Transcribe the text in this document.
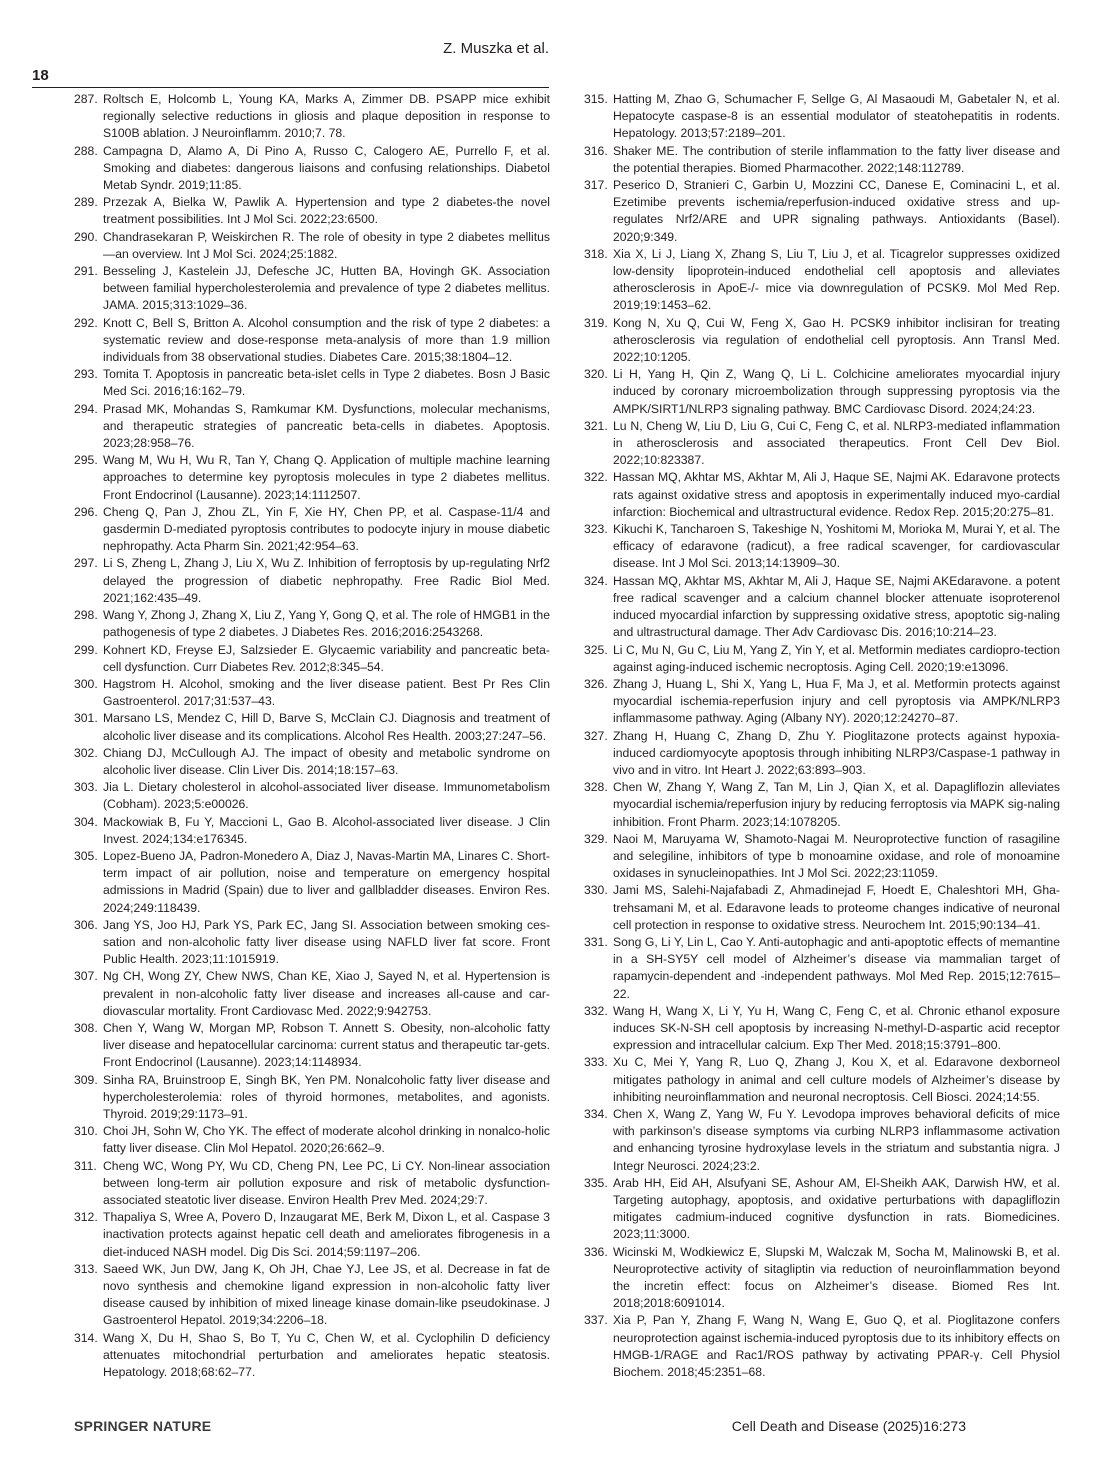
Z. Muszka et al.
18
287. Roltsch E, Holcomb L, Young KA, Marks A, Zimmer DB. PSAPP mice exhibit regionally selective reductions in gliosis and plaque deposition in response to S100B ablation. J Neuroinflamm. 2010;7. 78.
288. Campagna D, Alamo A, Di Pino A, Russo C, Calogero AE, Purrello F, et al. Smoking and diabetes: dangerous liaisons and confusing relationships. Diabetol Metab Syndr. 2019;11:85.
289. Przezak A, Bielka W, Pawlik A. Hypertension and type 2 diabetes-the novel treatment possibilities. Int J Mol Sci. 2022;23:6500.
290. Chandrasekaran P, Weiskirchen R. The role of obesity in type 2 diabetes mellitus—an overview. Int J Mol Sci. 2024;25:1882.
291. Besseling J, Kastelein JJ, Defesche JC, Hutten BA, Hovingh GK. Association between familial hypercholesterolemia and prevalence of type 2 diabetes mellitus. JAMA. 2015;313:1029–36.
292. Knott C, Bell S, Britton A. Alcohol consumption and the risk of type 2 diabetes: a systematic review and dose-response meta-analysis of more than 1.9 million individuals from 38 observational studies. Diabetes Care. 2015;38:1804–12.
293. Tomita T. Apoptosis in pancreatic beta-islet cells in Type 2 diabetes. Bosn J Basic Med Sci. 2016;16:162–79.
294. Prasad MK, Mohandas S, Ramkumar KM. Dysfunctions, molecular mechanisms, and therapeutic strategies of pancreatic beta-cells in diabetes. Apoptosis. 2023;28:958–76.
295. Wang M, Wu H, Wu R, Tan Y, Chang Q. Application of multiple machine learning approaches to determine key pyroptosis molecules in type 2 diabetes mellitus. Front Endocrinol (Lausanne). 2023;14:1112507.
296. Cheng Q, Pan J, Zhou ZL, Yin F, Xie HY, Chen PP, et al. Caspase-11/4 and gasdermin D-mediated pyroptosis contributes to podocyte injury in mouse diabetic nephropathy. Acta Pharm Sin. 2021;42:954–63.
297. Li S, Zheng L, Zhang J, Liu X, Wu Z. Inhibition of ferroptosis by up-regulating Nrf2 delayed the progression of diabetic nephropathy. Free Radic Biol Med. 2021;162:435–49.
298. Wang Y, Zhong J, Zhang X, Liu Z, Yang Y, Gong Q, et al. The role of HMGB1 in the pathogenesis of type 2 diabetes. J Diabetes Res. 2016;2016:2543268.
299. Kohnert KD, Freyse EJ, Salzsieder E. Glycaemic variability and pancreatic beta-cell dysfunction. Curr Diabetes Rev. 2012;8:345–54.
300. Hagstrom H. Alcohol, smoking and the liver disease patient. Best Pr Res Clin Gastroenterol. 2017;31:537–43.
301. Marsano LS, Mendez C, Hill D, Barve S, McClain CJ. Diagnosis and treatment of alcoholic liver disease and its complications. Alcohol Res Health. 2003;27:247–56.
302. Chiang DJ, McCullough AJ. The impact of obesity and metabolic syndrome on alcoholic liver disease. Clin Liver Dis. 2014;18:157–63.
303. Jia L. Dietary cholesterol in alcohol-associated liver disease. Immunometabolism (Cobham). 2023;5:e00026.
304. Mackowiak B, Fu Y, Maccioni L, Gao B. Alcohol-associated liver disease. J Clin Invest. 2024;134:e176345.
305. Lopez-Bueno JA, Padron-Monedero A, Diaz J, Navas-Martin MA, Linares C. Short-term impact of air pollution, noise and temperature on emergency hospital admissions in Madrid (Spain) due to liver and gallbladder diseases. Environ Res. 2024;249:118439.
306. Jang YS, Joo HJ, Park YS, Park EC, Jang SI. Association between smoking ces-sation and non-alcoholic fatty liver disease using NAFLD liver fat score. Front Public Health. 2023;11:1015919.
307. Ng CH, Wong ZY, Chew NWS, Chan KE, Xiao J, Sayed N, et al. Hypertension is prevalent in non-alcoholic fatty liver disease and increases all-cause and car-diovascular mortality. Front Cardiovasc Med. 2022;9:942753.
308. Chen Y, Wang W, Morgan MP, Robson T. Annett S. Obesity, non-alcoholic fatty liver disease and hepatocellular carcinoma: current status and therapeutic tar-gets. Front Endocrinol (Lausanne). 2023;14:1148934.
309. Sinha RA, Bruinstroop E, Singh BK, Yen PM. Nonalcoholic fatty liver disease and hypercholesterolemia: roles of thyroid hormones, metabolites, and agonists. Thyroid. 2019;29:1173–91.
310. Choi JH, Sohn W, Cho YK. The effect of moderate alcohol drinking in nonalco-holic fatty liver disease. Clin Mol Hepatol. 2020;26:662–9.
311. Cheng WC, Wong PY, Wu CD, Cheng PN, Lee PC, Li CY. Non-linear association between long-term air pollution exposure and risk of metabolic dysfunction-associated steatotic liver disease. Environ Health Prev Med. 2024;29:7.
312. Thapaliya S, Wree A, Povero D, Inzaugarat ME, Berk M, Dixon L, et al. Caspase 3 inactivation protects against hepatic cell death and ameliorates fibrogenesis in a diet-induced NASH model. Dig Dis Sci. 2014;59:1197–206.
313. Saeed WK, Jun DW, Jang K, Oh JH, Chae YJ, Lee JS, et al. Decrease in fat de novo synthesis and chemokine ligand expression in non-alcoholic fatty liver disease caused by inhibition of mixed lineage kinase domain-like pseudokinase. J Gastroenterol Hepatol. 2019;34:2206–18.
314. Wang X, Du H, Shao S, Bo T, Yu C, Chen W, et al. Cyclophilin D deficiency attenuates mitochondrial perturbation and ameliorates hepatic steatosis. Hepatology. 2018;68:62–77.
315. Hatting M, Zhao G, Schumacher F, Sellge G, Al Masaoudi M, Gabetaler N, et al. Hepatocyte caspase-8 is an essential modulator of steatohepatitis in rodents. Hepatology. 2013;57:2189–201.
316. Shaker ME. The contribution of sterile inflammation to the fatty liver disease and the potential therapies. Biomed Pharmacother. 2022;148:112789.
317. Peserico D, Stranieri C, Garbin U, Mozzini CC, Danese E, Cominacini L, et al. Ezetimibe prevents ischemia/reperfusion-induced oxidative stress and up-regulates Nrf2/ARE and UPR signaling pathways. Antioxidants (Basel). 2020;9:349.
318. Xia X, Li J, Liang X, Zhang S, Liu T, Liu J, et al. Ticagrelor suppresses oxidized low-density lipoprotein-induced endothelial cell apoptosis and alleviates atherosclerosis in ApoE-/- mice via downregulation of PCSK9. Mol Med Rep. 2019;19:1453–62.
319. Kong N, Xu Q, Cui W, Feng X, Gao H. PCSK9 inhibitor inclisiran for treating atherosclerosis via regulation of endothelial cell pyroptosis. Ann Transl Med. 2022;10:1205.
320. Li H, Yang H, Qin Z, Wang Q, Li L. Colchicine ameliorates myocardial injury induced by coronary microembolization through suppressing pyroptosis via the AMPK/SIRT1/NLRP3 signaling pathway. BMC Cardiovasc Disord. 2024;24:23.
321. Lu N, Cheng W, Liu D, Liu G, Cui C, Feng C, et al. NLRP3-mediated inflammation in atherosclerosis and associated therapeutics. Front Cell Dev Biol. 2022;10:823387.
322. Hassan MQ, Akhtar MS, Akhtar M, Ali J, Haque SE, Najmi AK. Edaravone protects rats against oxidative stress and apoptosis in experimentally induced myo-cardial infarction: Biochemical and ultrastructural evidence. Redox Rep. 2015;20:275–81.
323. Kikuchi K, Tancharoen S, Takeshige N, Yoshitomi M, Morioka M, Murai Y, et al. The efficacy of edaravone (radicut), a free radical scavenger, for cardiovascular disease. Int J Mol Sci. 2013;14:13909–30.
324. Hassan MQ, Akhtar MS, Akhtar M, Ali J, Haque SE, Najmi AKEdaravone. a potent free radical scavenger and a calcium channel blocker attenuate isoproterenol induced myocardial infarction by suppressing oxidative stress, apoptotic sig-naling and ultrastructural damage. Ther Adv Cardiovasc Dis. 2016;10:214–23.
325. Li C, Mu N, Gu C, Liu M, Yang Z, Yin Y, et al. Metformin mediates cardiopro-tection against aging-induced ischemic necroptosis. Aging Cell. 2020;19:e13096.
326. Zhang J, Huang L, Shi X, Yang L, Hua F, Ma J, et al. Metformin protects against myocardial ischemia-reperfusion injury and cell pyroptosis via AMPK/NLRP3 inflammasome pathway. Aging (Albany NY). 2020;12:24270–87.
327. Zhang H, Huang C, Zhang D, Zhu Y. Pioglitazone protects against hypoxia-induced cardiomyocyte apoptosis through inhibiting NLRP3/Caspase-1 pathway in vivo and in vitro. Int Heart J. 2022;63:893–903.
328. Chen W, Zhang Y, Wang Z, Tan M, Lin J, Qian X, et al. Dapagliflozin alleviates myocardial ischemia/reperfusion injury by reducing ferroptosis via MAPK sig-naling inhibition. Front Pharm. 2023;14:1078205.
329. Naoi M, Maruyama W, Shamoto-Nagai M. Neuroprotective function of rasagiline and selegiline, inhibitors of type b monoamine oxidase, and role of monoamine oxidases in synucleinopathies. Int J Mol Sci. 2022;23:11059.
330. Jami MS, Salehi-Najafabadi Z, Ahmadinejad F, Hoedt E, Chaleshtori MH, Gha-trehsamani M, et al. Edaravone leads to proteome changes indicative of neuronal cell protection in response to oxidative stress. Neurochem Int. 2015;90:134–41.
331. Song G, Li Y, Lin L, Cao Y. Anti-autophagic and anti-apoptotic effects of memantine in a SH-SY5Y cell model of Alzheimer’s disease via mammalian target of rapamycin-dependent and -independent pathways. Mol Med Rep. 2015;12:7615–22.
332. Wang H, Wang X, Li Y, Yu H, Wang C, Feng C, et al. Chronic ethanol exposure induces SK-N-SH cell apoptosis by increasing N-methyl-D-aspartic acid receptor expression and intracellular calcium. Exp Ther Med. 2018;15:3791–800.
333. Xu C, Mei Y, Yang R, Luo Q, Zhang J, Kou X, et al. Edaravone dexborneol mitigates pathology in animal and cell culture models of Alzheimer’s disease by inhibiting neuroinflammation and neuronal necroptosis. Cell Biosci. 2024;14:55.
334. Chen X, Wang Z, Yang W, Fu Y. Levodopa improves behavioral deficits of mice with parkinson’s disease symptoms via curbing NLRP3 inflammasome activation and enhancing tyrosine hydroxylase levels in the striatum and substantia nigra. J Integr Neurosci. 2024;23:2.
335. Arab HH, Eid AH, Alsufyani SE, Ashour AM, El-Sheikh AAK, Darwish HW, et al. Targeting autophagy, apoptosis, and oxidative perturbations with dapagliflozin mitigates cadmium-induced cognitive dysfunction in rats. Biomedicines. 2023;11:3000.
336. Wicinski M, Wodkiewicz E, Slupski M, Walczak M, Socha M, Malinowski B, et al. Neuroprotective activity of sitagliptin via reduction of neuroinflammation beyond the incretin effect: focus on Alzheimer’s disease. Biomed Res Int. 2018;2018:6091014.
337. Xia P, Pan Y, Zhang F, Wang N, Wang E, Guo Q, et al. Pioglitazone confers neuroprotection against ischemia-induced pyroptosis due to its inhibitory effects on HMGB-1/RAGE and Rac1/ROS pathway by activating PPAR-γ. Cell Physiol Biochem. 2018;45:2351–68.
SPRINGER NATURE	Cell Death and Disease (2025)16:273
